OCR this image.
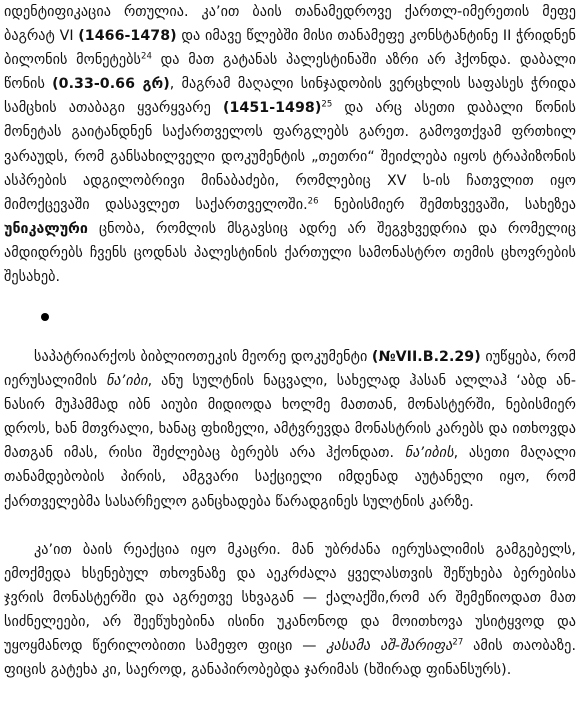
იდენტიფიკაცია რთულია. კა’ით ბაის თანამედროვე ქართლ-იმერეთის მეფე ბაგრატ VI (1466-1478) და იმავე წლებში მისი თანამეფე კონსტანტინე II ჭრიდნენ ბილონის მონეტებს$^{24}$ და მათ გატანას პალესტინაში აზრი არ ჰქონდა. დაბალი წონის (0.33-0.66 გრ), მაგრამ მაღალი სინჯადობის ვერცხლის საფასეს ჭრიდა სამცხის ათაბაგი ყვარყვარე (1451-1498)$^{25}$ და არც ასეთი დაბალი წონის მონეტას გაიტანდნენ საქართველოს ფარგლებს გარეთ. გამოვთქვამ ფრთხილ ვარაუდს, რომ განსახილველი დოკუმენტის „თეთრი“ შეიძლება იყოს ტრაპიზონის ასპრების ადგილობრივი მინაბაძები, რომლებიც XV ს-ის ჩათვლით იყო მიმოქცევაში დასავლეთ საქართველოში.$^{26}$ ნებისმიერ შემთხვევაში, სახეზეა უნიკალური ცნობა, რომლის მსგავსიც ადრე არ შეგვხვედრია და რომელიც ამდიდრებს ჩვენს ცოდნას პალესტინის ქართული სამონასტრო თემის ცხოვრების შესახებ.

საპატრიარქოს ბიბლიოთეკის მეორე დოკუმენტი (№VII.B.2.29) იუწყება, რომ იერუსალიმის ნა’იბი, ანუ სულტნის ნაცვალი, სახელად ჰასან ალლაჰ ‘აბდ ან-ნასირ მუჰამმად იბნ აიუბი მიდიოდა ხოლმე მათთან, მონასტერში, ნებისმიერ დროს, ხან მთვრალი, ხანაც ფხიზელი, ამტვრევდა მონასტრის კარებს და ითხოვდა მათგან იმას, რისი შეძლებაც ბერებს არა ჰქონდათ. ნა’იბის, ასეთი მაღალი თანამდებობის პირის, ამგვარი საქციელი იმდენად აუტანელი იყო, რომ ქართველებმა სასარჩელო განცხადება წარადგინეს სულტნის კარზე.

კა’ით ბაის რეაქცია იყო მკაცრი. მან უბრძანა იერუსალიმის გამგებელს, ემოქმედა ხსენებულ თხოვნაზე და აეკრძალა ყველასთვის შეწუხება ბერებისა ჯვრის მონასტერში და აგრეთვე სხვაგან — ქალაქში,რომ არ შემეწიოდათ მათ სიძნელეები, არ შეეწუხებინა ისინი უკანონოდ და მოითხოვა უსიტყვოდ და უყოყმანოდ წერილობითი სამეფო ფიცი — კასამა აშ-შარიფა$^{27}$ ამის თაობაზე. ფიცის გატეხა კი, საეროდ, განაპირობებდა ჯარიმას (ხშირად ფინანსურს).
